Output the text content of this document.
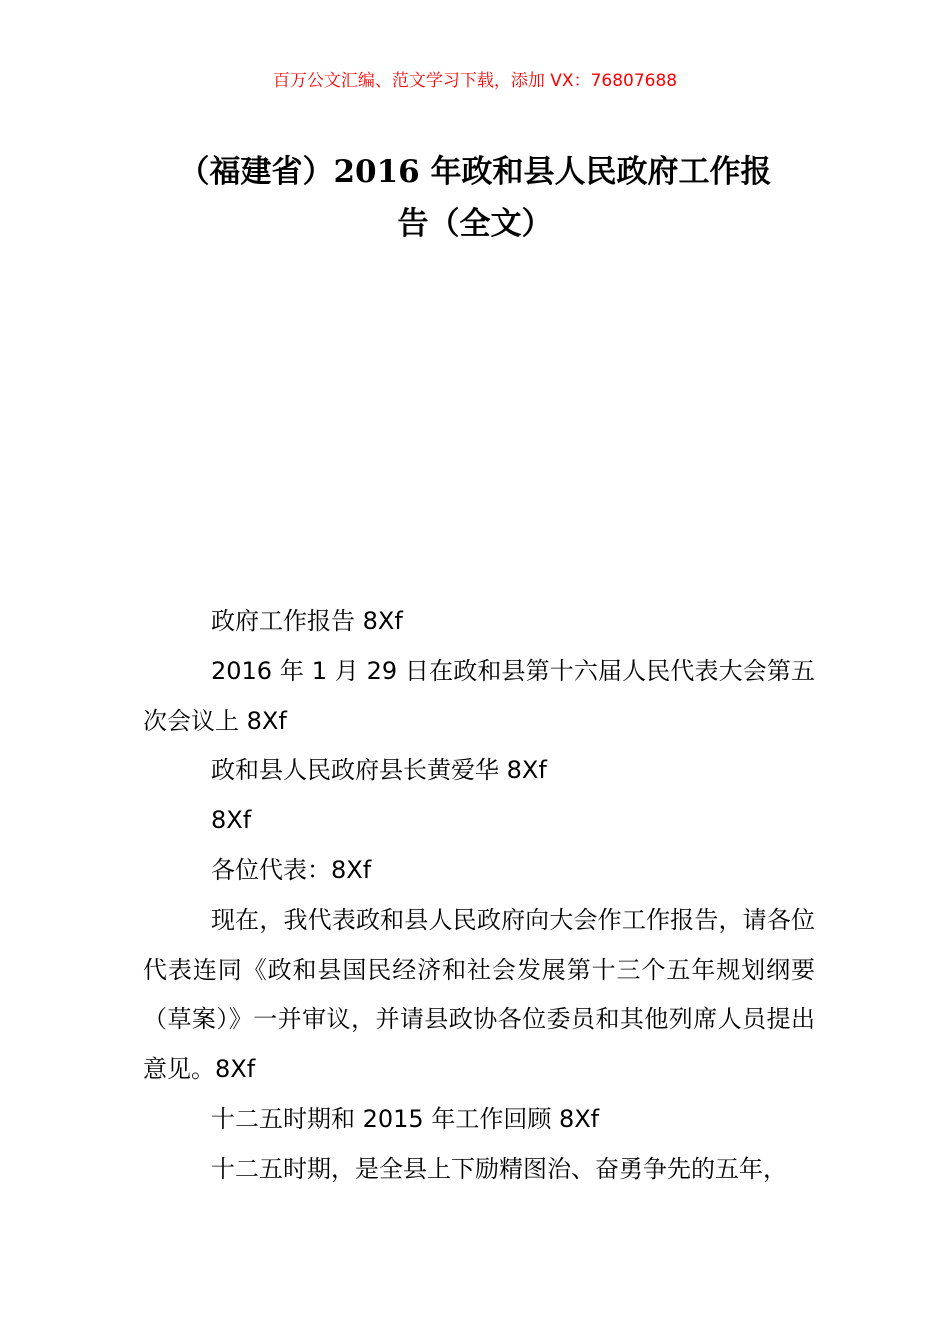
百万公文汇编、范文学习下载，添加 VX：76807688
（福建省）2016 年政和县人民政府工作报
告（全文）

政府工作报告 8Xf

2016 年 1 月 29 日在政和县第十六届人民代表大会第五次会议上 8Xf

政和县人民政府县长黄爱华 8Xf

8Xf

各位代表：8Xf

现在，我代表政和县人民政府向大会作工作报告，请各位代表连同《政和县国民经济和社会发展第十三个五年规划纲要（草案）》一并审议，并请县政协各位委员和其他列席人员提出意见。8Xf

十二五时期和 2015 年工作回顾 8Xf

十二五时期，是全县上下励精图治、奋勇争先的五年，
